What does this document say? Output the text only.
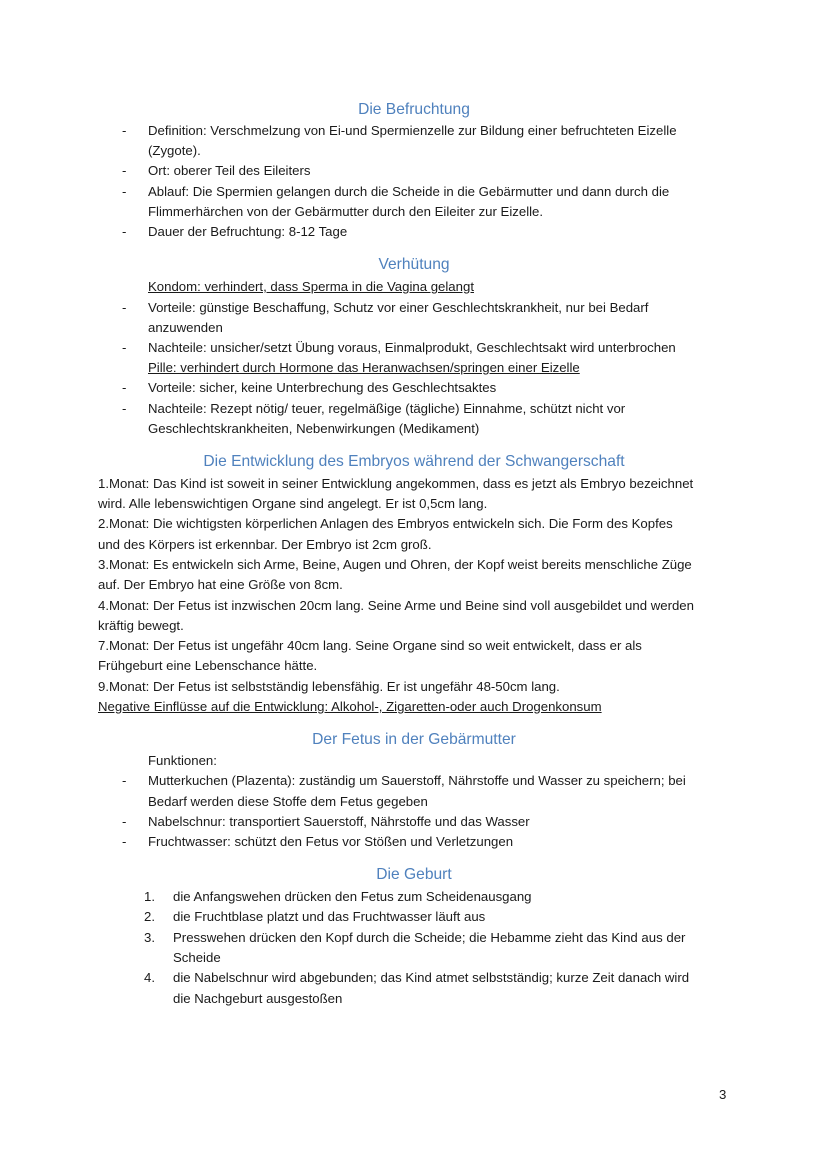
Die Befruchtung
- Definition: Verschmelzung von Ei-und Spermienzelle zur Bildung einer befruchteten Eizelle
(Zygote).
- Ort: oberer Teil des Eileiters
- Ablauf: Die Spermien gelangen durch die Scheide in die Gebärmutter und dann durch die
Flimmerhärchen von der Gebärmutter durch den Eileiter zur Eizelle.
- Dauer der Befruchtung: 8-12 Tage
Verhütung
Kondom: verhindert, dass Sperma in die Vagina gelangt
- Vorteile: günstige Beschaffung, Schutz vor einer Geschlechtskrankheit, nur bei Bedarf
anzuwenden
- Nachteile: unsicher/setzt Übung voraus, Einmalprodukt, Geschlechtsakt wird unterbrochen
Pille: verhindert durch Hormone das Heranwachsen/springen einer Eizelle
- Vorteile: sicher, keine Unterbrechung des Geschlechtsaktes
- Nachteile: Rezept nötig/ teuer, regelmäßige (tägliche) Einnahme, schützt nicht vor
Geschlechtskrankheiten, Nebenwirkungen (Medikament)
Die Entwicklung des Embryos während der Schwangerschaft
1.Monat: Das Kind ist soweit in seiner Entwicklung angekommen, dass es jetzt als Embryo bezeichnet
wird. Alle lebenswichtigen Organe sind angelegt. Er ist 0,5cm lang.
2.Monat: Die wichtigsten körperlichen Anlagen des Embryos entwickeln sich. Die Form des Kopfes
und des Körpers ist erkennbar. Der Embryo ist 2cm groß.
3.Monat: Es entwickeln sich Arme, Beine, Augen und Ohren, der Kopf weist bereits menschliche Züge
auf. Der Embryo hat eine Größe von 8cm.
4.Monat: Der Fetus ist inzwischen 20cm lang. Seine Arme und Beine sind voll ausgebildet und werden
kräftig bewegt.
7.Monat: Der Fetus ist ungefähr 40cm lang. Seine Organe sind so weit entwickelt, dass er als
Frühgeburt eine Lebenschance hätte.
9.Monat: Der Fetus ist selbstständig lebensfähig. Er ist ungefähr 48-50cm lang.
Negative Einflüsse auf die Entwicklung: Alkohol-, Zigaretten-oder auch Drogenkonsum
Der Fetus in der Gebärmutter
Funktionen:
- Mutterkuchen (Plazenta): zuständig um Sauerstoff, Nährstoffe und Wasser zu speichern; bei
Bedarf werden diese Stoffe dem Fetus gegeben
- Nabelschnur: transportiert Sauerstoff, Nährstoffe und das Wasser
- Fruchtwasser: schützt den Fetus vor Stößen und Verletzungen
Die Geburt
1. die Anfangswehen drücken den Fetus zum Scheidenausgang
2. die Fruchtblase platzt und das Fruchtwasser läuft aus
3. Presswehen drücken den Kopf durch die Scheide; die Hebamme zieht das Kind aus der
Scheide
4. die Nabelschnur wird abgebunden; das Kind atmet selbstständig; kurze Zeit danach wird
die Nachgeburt ausgestoßen
3
